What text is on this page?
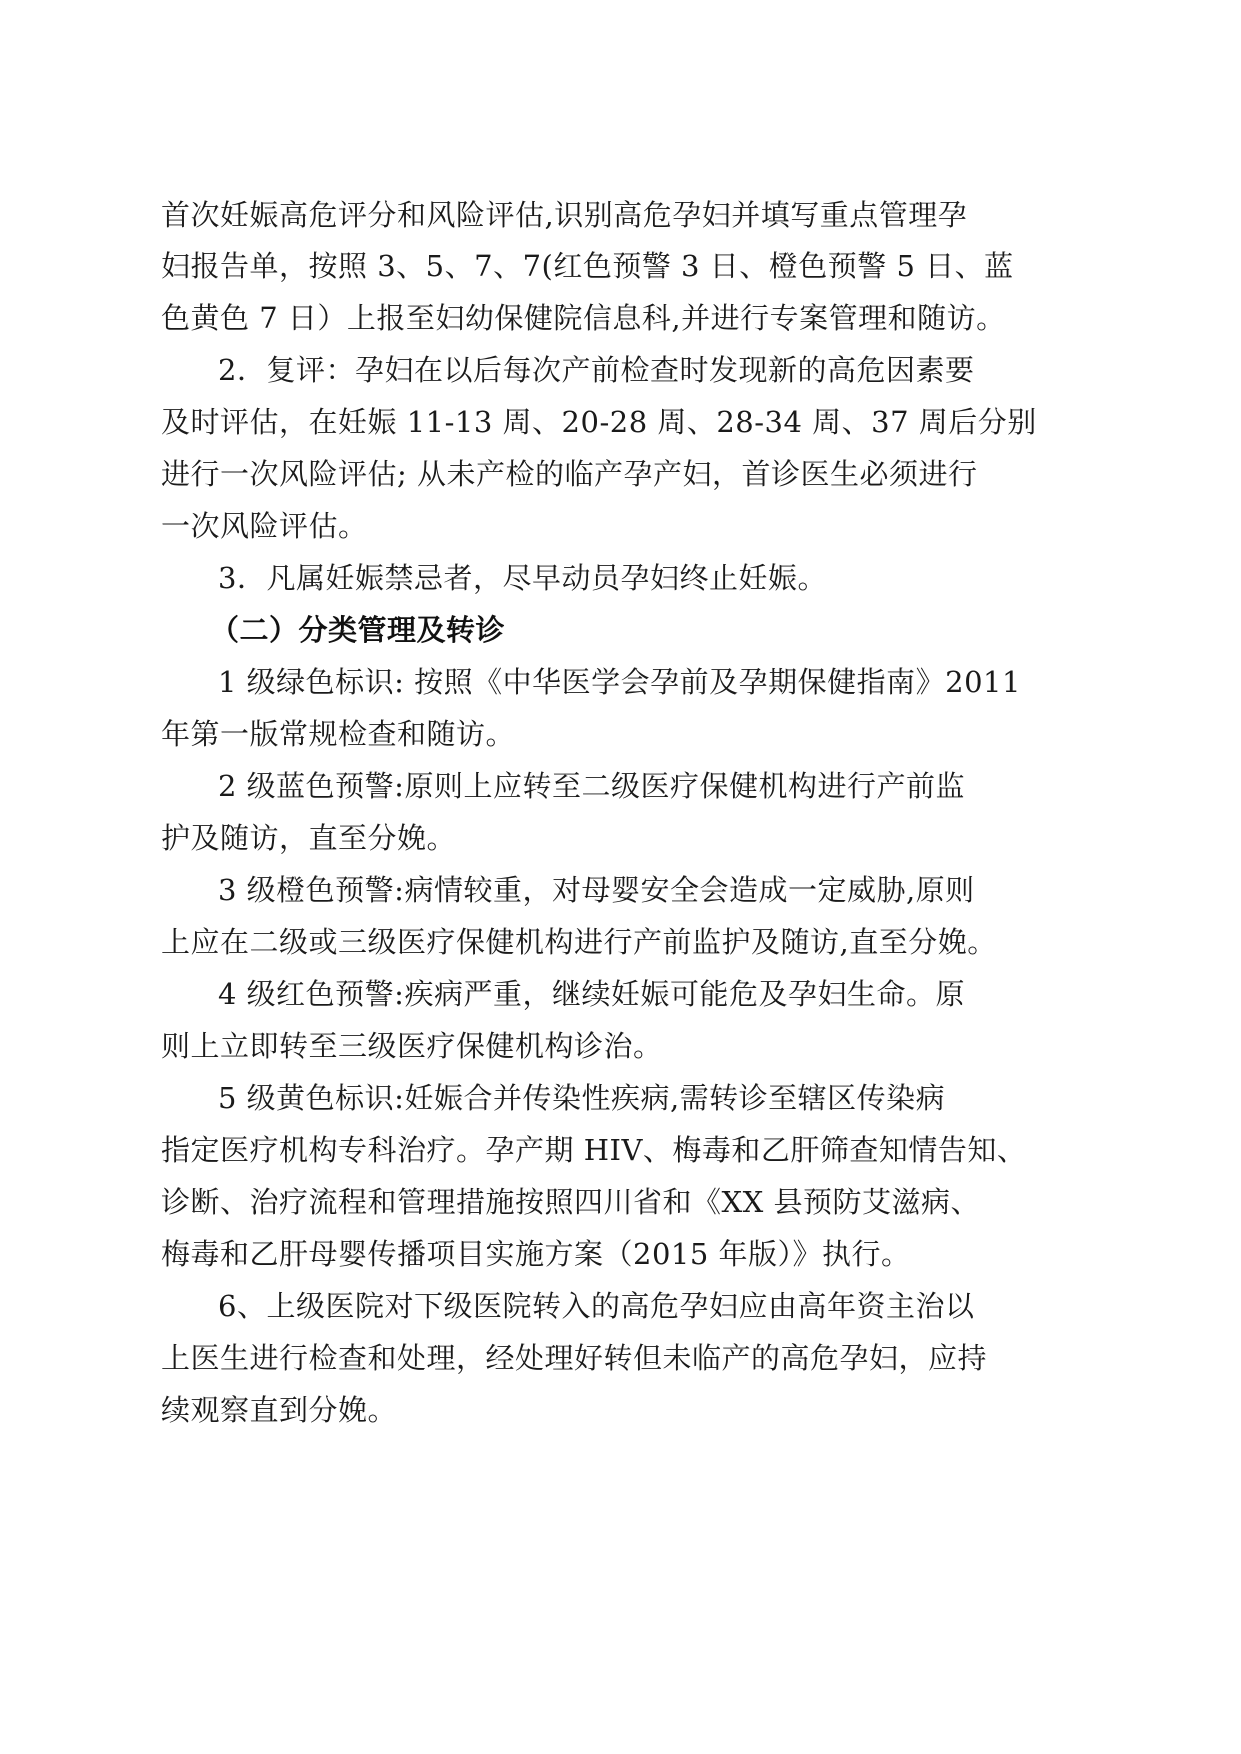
首次妊娠高危评分和风险评估,识别高危孕妇并填写重点管理孕
妇报告单，按照 3、5、7、7(红色预警 3 日、橙色预警 5 日、蓝
色黄色 7 日）上报至妇幼保健院信息科,并进行专案管理和随访。
2．复评：孕妇在以后每次产前检查时发现新的高危因素要
及时评估，在妊娠 11-13 周、20-28 周、28-34 周、37 周后分别
进行一次风险评估; 从未产检的临产孕产妇，首诊医生必须进行
一次风险评估。
3．凡属妊娠禁忌者，尽早动员孕妇终止妊娠。
（二）分类管理及转诊
1 级绿色标识: 按照《中华医学会孕前及孕期保健指南》2011
年第一版常规检查和随访。
2 级蓝色预警:原则上应转至二级医疗保健机构进行产前监
护及随访，直至分娩。
3 级橙色预警:病情较重，对母婴安全会造成一定威胁,原则
上应在二级或三级医疗保健机构进行产前监护及随访,直至分娩。
4 级红色预警:疾病严重，继续妊娠可能危及孕妇生命。原
则上立即转至三级医疗保健机构诊治。
5 级黄色标识:妊娠合并传染性疾病,需转诊至辖区传染病
指定医疗机构专科治疗。孕产期 HIV、梅毒和乙肝筛查知情告知、
诊断、治疗流程和管理措施按照四川省和《XX 县预防艾滋病、
梅毒和乙肝母婴传播项目实施方案（2015 年版）》执行。
6、上级医院对下级医院转入的高危孕妇应由高年资主治以
上医生进行检查和处理，经处理好转但未临产的高危孕妇，应持
续观察直到分娩。
